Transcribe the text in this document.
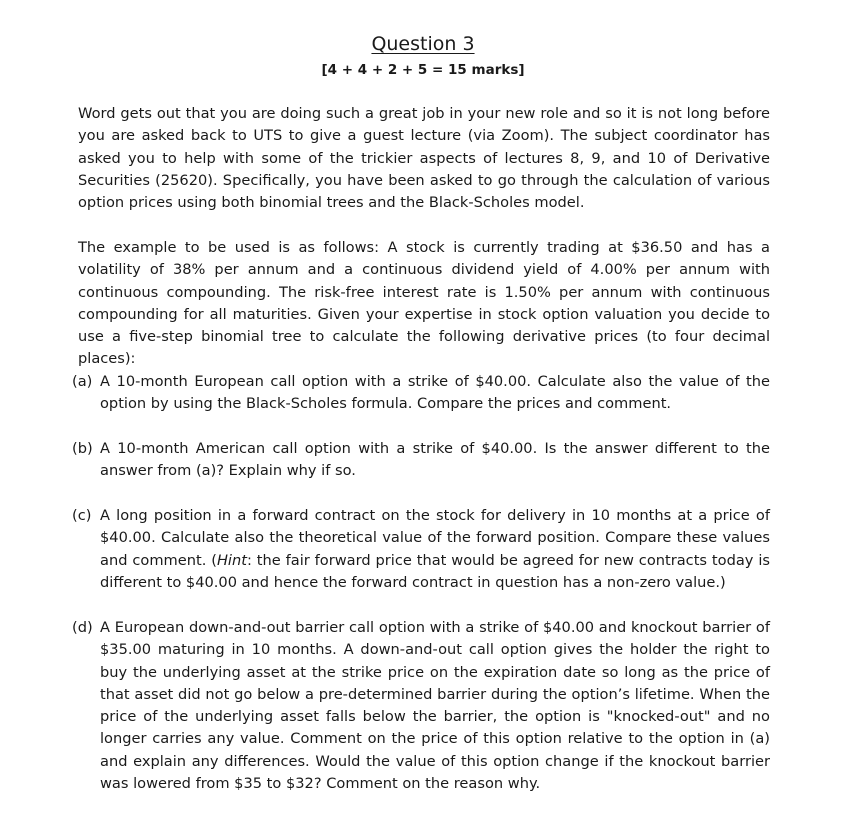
Question 3
[4 + 4 + 2 + 5 = 15 marks]

Word gets out that you are doing such a great job in your new role and so it is not long before you are asked back to UTS to give a guest lecture (via Zoom). The subject coordinator has asked you to help with some of the trickier aspects of lectures 8, 9, and 10 of Derivative Securities (25620). Specifically, you have been asked to go through the calculation of various option prices using both binomial trees and the Black-Scholes model.

The example to be used is as follows: A stock is currently trading at $36.50 and has a volatility of 38% per annum and a continuous dividend yield of 4.00% per annum with continuous compounding. The risk-free interest rate is 1.50% per annum with continuous compounding for all maturities. Given your expertise in stock option valuation you decide to use a five-step binomial tree to calculate the following derivative prices (to four decimal places):

(a) A 10-month European call option with a strike of $40.00. Calculate also the value of the option by using the Black-Scholes formula. Compare the prices and comment.
(b) A 10-month American call option with a strike of $40.00. Is the answer different to the answer from (a)? Explain why if so.
(c) A long position in a forward contract on the stock for delivery in 10 months at a price of $40.00. Calculate also the theoretical value of the forward position. Compare these values and comment. (Hint: the fair forward price that would be agreed for new contracts today is different to $40.00 and hence the forward contract in question has a non-zero value.)
(d) A European down-and-out barrier call option with a strike of $40.00 and knockout barrier of $35.00 maturing in 10 months. A down-and-out call option gives the holder the right to buy the underlying asset at the strike price on the expiration date so long as the price of that asset did not go below a pre-determined barrier during the option’s lifetime. When the price of the underlying asset falls below the barrier, the option is "knocked-out" and no longer carries any value. Comment on the price of this option relative to the option in (a) and explain any differences. Would the value of this option change if the knockout barrier was lowered from $35 to $32? Comment on the reason why.
